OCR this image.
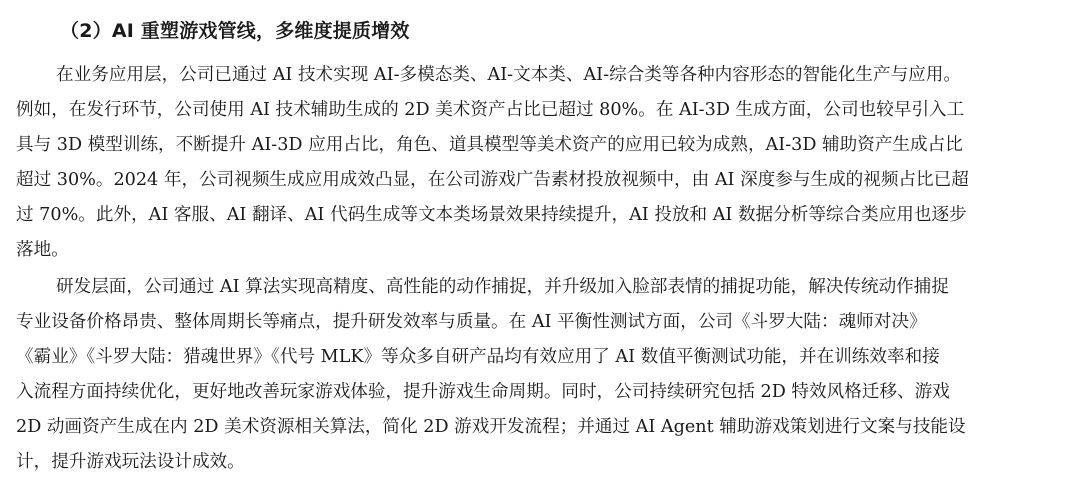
（2）AI 重塑游戏管线，多维度提质增效
在业务应用层，公司已通过 AI 技术实现 AI-多模态类、AI-文本类、AI-综合类等各种内容形态的智能化生产与应用。
例如，在发行环节，公司使用 AI 技术辅助生成的 2D 美术资产占比已超过 80%。在 AI-3D 生成方面，公司也较早引入工
具与 3D 模型训练，不断提升 AI-3D 应用占比，角色、道具模型等美术资产的应用已较为成熟，AI-3D 辅助资产生成占比
超过 30%。2024 年，公司视频生成应用成效凸显，在公司游戏广告素材投放视频中，由 AI 深度参与生成的视频占比已超
过 70%。此外，AI 客服、AI 翻译、AI 代码生成等文本类场景效果持续提升，AI 投放和 AI 数据分析等综合类应用也逐步
落地。
研发层面，公司通过 AI 算法实现高精度、高性能的动作捕捉，并升级加入脸部表情的捕捉功能，解决传统动作捕捉
专业设备价格昂贵、整体周期长等痛点，提升研发效率与质量。在 AI 平衡性测试方面，公司《斗罗大陆：魂师对决》
《霸业》《斗罗大陆：猎魂世界》《代号 MLK》等众多自研产品均有效应用了 AI 数值平衡测试功能，并在训练效率和接
入流程方面持续优化，更好地改善玩家游戏体验，提升游戏生命周期。同时，公司持续研究包括 2D 特效风格迁移、游戏
2D 动画资产生成在内 2D 美术资源相关算法，简化 2D 游戏开发流程；并通过 AI Agent 辅助游戏策划进行文案与技能设
计，提升游戏玩法设计成效。
